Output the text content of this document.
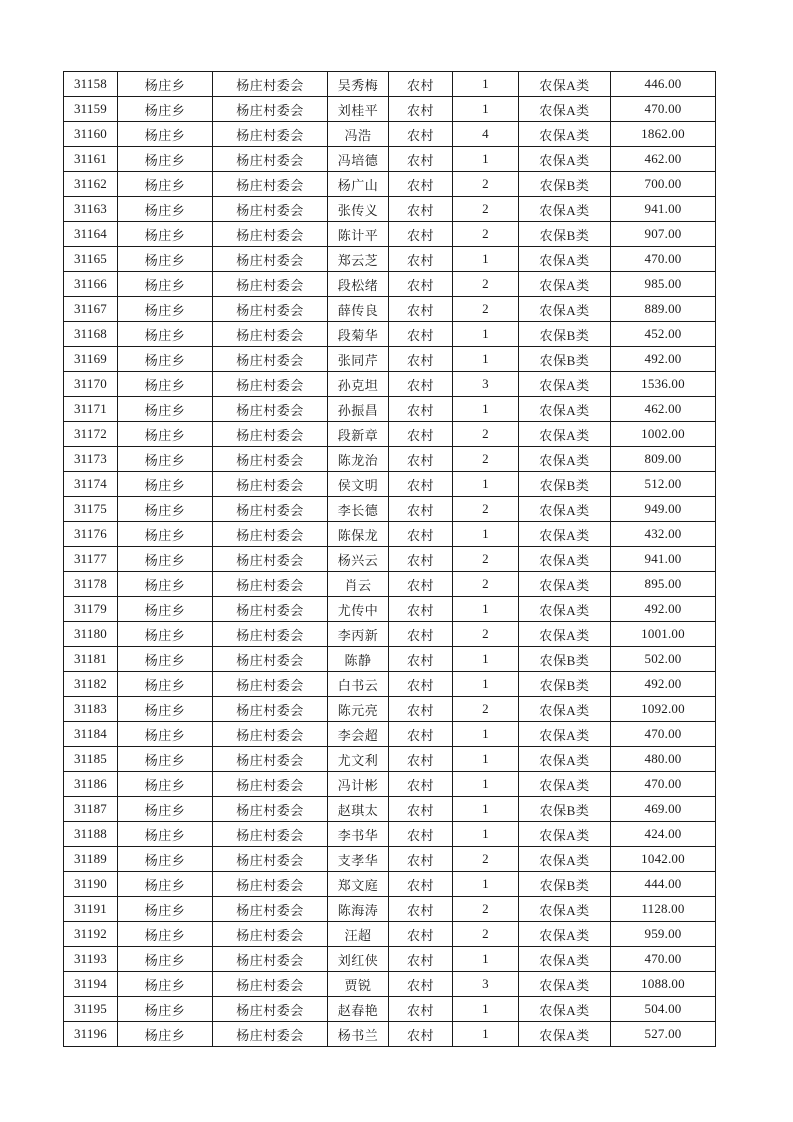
31158	杨庄乡	杨庄村委会	吴秀梅	农村	1	农保A类	446.00
31159	杨庄乡	杨庄村委会	刘桂平	农村	1	农保A类	470.00
31160	杨庄乡	杨庄村委会	冯浩	农村	4	农保A类	1862.00
31161	杨庄乡	杨庄村委会	冯培德	农村	1	农保A类	462.00
31162	杨庄乡	杨庄村委会	杨广山	农村	2	农保B类	700.00
31163	杨庄乡	杨庄村委会	张传义	农村	2	农保A类	941.00
31164	杨庄乡	杨庄村委会	陈计平	农村	2	农保B类	907.00
31165	杨庄乡	杨庄村委会	郑云芝	农村	1	农保A类	470.00
31166	杨庄乡	杨庄村委会	段松绪	农村	2	农保A类	985.00
31167	杨庄乡	杨庄村委会	薛传良	农村	2	农保A类	889.00
31168	杨庄乡	杨庄村委会	段菊华	农村	1	农保B类	452.00
31169	杨庄乡	杨庄村委会	张同芹	农村	1	农保B类	492.00
31170	杨庄乡	杨庄村委会	孙克坦	农村	3	农保A类	1536.00
31171	杨庄乡	杨庄村委会	孙振昌	农村	1	农保A类	462.00
31172	杨庄乡	杨庄村委会	段新章	农村	2	农保A类	1002.00
31173	杨庄乡	杨庄村委会	陈龙治	农村	2	农保A类	809.00
31174	杨庄乡	杨庄村委会	侯文明	农村	1	农保B类	512.00
31175	杨庄乡	杨庄村委会	李长德	农村	2	农保A类	949.00
31176	杨庄乡	杨庄村委会	陈保龙	农村	1	农保A类	432.00
31177	杨庄乡	杨庄村委会	杨兴云	农村	2	农保A类	941.00
31178	杨庄乡	杨庄村委会	肖云	农村	2	农保A类	895.00
31179	杨庄乡	杨庄村委会	尤传中	农村	1	农保A类	492.00
31180	杨庄乡	杨庄村委会	李丙新	农村	2	农保A类	1001.00
31181	杨庄乡	杨庄村委会	陈静	农村	1	农保B类	502.00
31182	杨庄乡	杨庄村委会	白书云	农村	1	农保B类	492.00
31183	杨庄乡	杨庄村委会	陈元亮	农村	2	农保A类	1092.00
31184	杨庄乡	杨庄村委会	李会超	农村	1	农保A类	470.00
31185	杨庄乡	杨庄村委会	尤文利	农村	1	农保A类	480.00
31186	杨庄乡	杨庄村委会	冯计彬	农村	1	农保A类	470.00
31187	杨庄乡	杨庄村委会	赵琪太	农村	1	农保B类	469.00
31188	杨庄乡	杨庄村委会	李书华	农村	1	农保A类	424.00
31189	杨庄乡	杨庄村委会	支孝华	农村	2	农保A类	1042.00
31190	杨庄乡	杨庄村委会	郑文庭	农村	1	农保B类	444.00
31191	杨庄乡	杨庄村委会	陈海涛	农村	2	农保A类	1128.00
31192	杨庄乡	杨庄村委会	汪超	农村	2	农保A类	959.00
31193	杨庄乡	杨庄村委会	刘红侠	农村	1	农保A类	470.00
31194	杨庄乡	杨庄村委会	贾锐	农村	3	农保A类	1088.00
31195	杨庄乡	杨庄村委会	赵春艳	农村	1	农保A类	504.00
31196	杨庄乡	杨庄村委会	杨书兰	农村	1	农保A类	527.00
